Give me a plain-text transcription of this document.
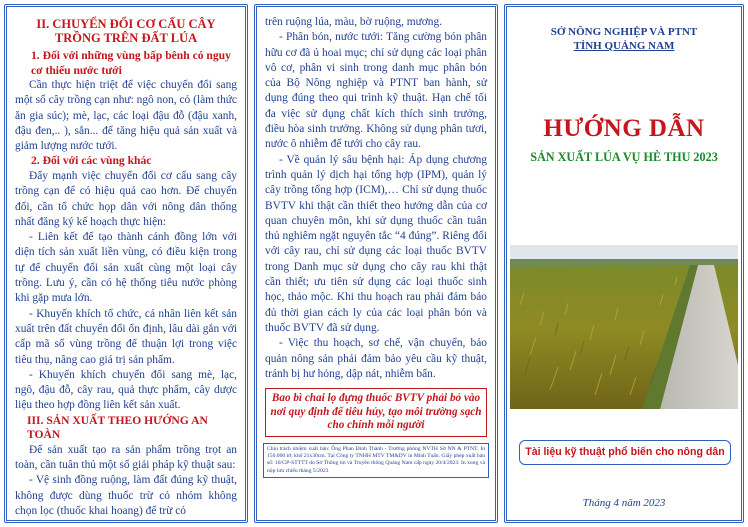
II. CHUYỂN ĐỔI CƠ CẤU CÂY TRỒNG TRÊN ĐẤT LÚA
1. Đối với những vùng bấp bênh có nguy cơ thiếu nước tưới

Cần thực hiện triệt để việc chuyển đổi sang một số cây trồng cạn như: ngô non, cỏ (làm thức ăn gia súc); mè, lạc, các loại đậu đỗ (đậu xanh, đậu đen,.. ), sắn... để tăng hiệu quả sản xuất và giảm lượng nước tưới.

2. Đối với các vùng khác

Đẩy mạnh việc chuyển đổi cơ cấu sang cây trồng cạn để có hiệu quả cao hơn. Để chuyển đổi, cần tổ chức họp dân với nông dân thống nhất đăng ký kế hoạch thực hiện:

- Liên kết để tạo thành cánh đồng lớn với diện tích sản xuất liền vùng, có điều kiện trong tự để chuyển đổi sản xuất cùng một loại cây trồng. Lưu ý, cần có hệ thống tiêu nước phòng khi gặp mưa lớn.

- Khuyến khích tổ chức, cá nhân liên kết sản xuất trên đất chuyển đổi ổn định, lâu dài gắn với cấp mã số vùng trồng để thuận lợi trong việc tiêu thụ, nâng cao giá trị sản phẩm.

- Khuyến khích chuyển đổi sang mè, lạc, ngô, đậu đỗ, cây rau, quả thực phẩm, cây dược liệu theo hợp đồng liên kết sản xuất.

III. SẢN XUẤT THEO HƯỚNG AN TOÀN

Để sản xuất tạo ra sản phẩm trồng trọt an toàn, cần tuân thủ một số giải pháp kỹ thuật sau:

- Vệ sinh đồng ruộng, làm đất đúng kỹ thuật, không được dùng thuốc trừ cỏ nhóm không chọn lọc (thuốc khai hoang) để trừ cỏ

trên ruộng lúa, màu, bờ ruộng, mương.

- Phân bón, nước tưới: Tăng cường bón phân hữu cơ đã ủ hoai mục; chỉ sử dụng các loại phân vô cơ, phân vi sinh trong danh mục phân bón của Bộ Nông nghiệp và PTNT ban hành, sử dụng đúng theo qui trình kỹ thuật. Hạn chế tối đa việc sử dụng chất kích thích sinh trưởng, điều hòa sinh trưởng. Không sử dụng phân tươi, nước ô nhiễm để tưới cho cây rau.

- Về quản lý sâu bệnh hại: Áp dụng chương trình quản lý dịch hại tổng hợp (IPM), quản lý cây trồng tổng hợp (ICM),… Chỉ sử dụng thuốc BVTV khi thật cần thiết theo hướng dẫn của cơ quan chuyên môn, khi sử dụng thuốc cần tuân thủ nghiêm ngặt nguyên tắc “4 đúng”. Riêng đối với cây rau, chỉ sử dụng các loại thuốc BVTV trong Danh mục sử dụng cho cây rau khi thật cần thiết; ưu tiên sử dụng các loại thuốc sinh học, thảo mộc. Khi thu hoạch rau phải đảm bảo đủ thời gian cách ly của các loại phân bón và thuốc BVTV đã sử dụng.

- Việc thu hoạch, sơ chế, vận chuyển, bảo quản nông sản phải đảm bảo yêu cầu kỹ thuật, tránh bị hư hỏng, dập nát, nhiễm bẩn.

Bao bì chai lọ đựng thuốc BVTV phải bỏ vào nơi quy định để tiêu hủy, tạo môi trường sạch cho chính mỗi người
Chịu trách nhiệm xuất bản: Ông Phan Đình Thành - Trưởng phòng NVTH Sở NN & PTNT. In 150.000 tờ; khổ 21x30cm. Tại Công ty TNHH MTV TM&DV in Minh Tuấn. Giấy phép xuất bản số: 10/GP-STTTT do Sở Thông tin và Truyền thông Quảng Nam cấp ngày 20/4/2023. In xong và nộp lưu chiểu tháng 5/2023
SỞ NÔNG NGHIỆP VÀ PTNT
TỈNH QUẢNG NAM
HƯỚNG DẪN
SẢN XUẤT LÚA VỤ HÈ THU 2023
Tài liệu kỹ thuật phổ biến cho nông dân
Tháng 4 năm 2023
